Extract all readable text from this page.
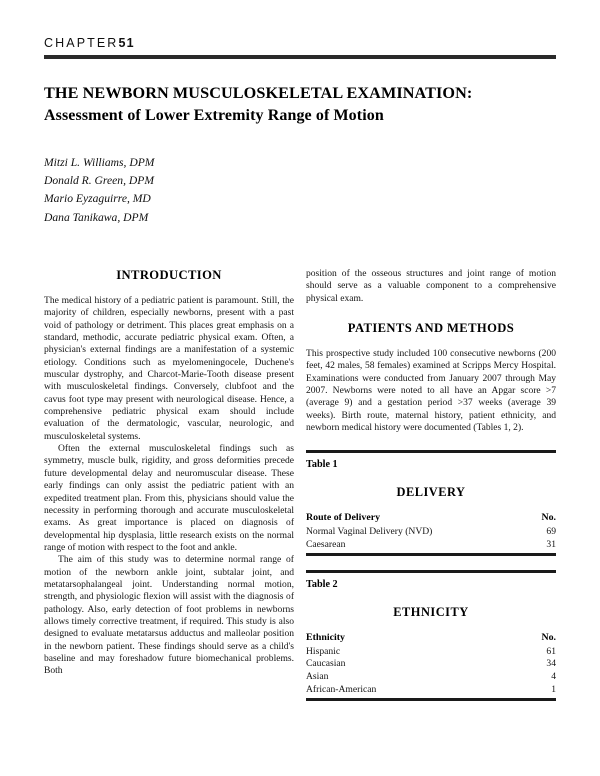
CHAPTER51
THE NEWBORN MUSCULOSKELETAL EXAMINATION:
Assessment of Lower Extremity Range of Motion
Mitzi L. Williams, DPM
Donald R. Green, DPM
Mario Eyzaguirre, MD
Dana Tanikawa, DPM
INTRODUCTION

The medical history of a pediatric patient is paramount. Still, the majority of children, especially newborns, present with a past void of pathology or detriment. This places great emphasis on a standard, methodic, accurate pediatric physical exam. Often, a physician's external findings are a manifestation of a systemic etiology. Conditions such as myelomeningocele, Duchene's muscular dystrophy, and Charcot-Marie-Tooth disease present with musculoskeletal findings. Conversely, clubfoot and the cavus foot type may present with neurological disease. Hence, a comprehensive pediatric physical exam should include evaluation of the dermatologic, vascular, neurologic, and musculoskeletal systems.

Often the external musculoskeletal findings such as symmetry, muscle bulk, rigidity, and gross deformities precede future developmental delay and neuromuscular disease. These early findings can only assist the pediatric patient with an expedited treatment plan. From this, physicians should value the necessity in performing thorough and accurate musculoskeletal exams. As great importance is placed on diagnosis of developmental hip dysplasia, little research exists on the normal range of motion with respect to the foot and ankle.

The aim of this study was to determine normal range of motion of the newborn ankle joint, subtalar joint, and metatarsophalangeal joint. Understanding normal motion, strength, and physiologic flexion will assist with the diagnosis of pathology. Also, early detection of foot problems in newborns allows timely corrective treatment, if required. This study is also designed to evaluate metatarsus adductus and malleolar position in the newborn patient. These findings should serve as a child's baseline and may foreshadow future biomechanical problems. Both

position of the osseous structures and joint range of motion should serve as a valuable component to a comprehensive physical exam.

PATIENTS AND METHODS

This prospective study included 100 consecutive newborns (200 feet, 42 males, 58 females) examined at Scripps Mercy Hospital. Examinations were conducted from January 2007 through May 2007. Newborns were noted to all have an Apgar score >7 (average 9) and a gestation period >37 weeks (average 39 weeks). Birth route, maternal history, patient ethnicity, and newborn medical history were documented (Tables 1, 2).

Table 1

DELIVERY

Route of Delivery	No.
Normal Vaginal Delivery (NVD)	69
Caesarean	31

Table 2

ETHNICITY

Ethnicity	No.
Hispanic	61
Caucasian	34
Asian	4
African-American	1
